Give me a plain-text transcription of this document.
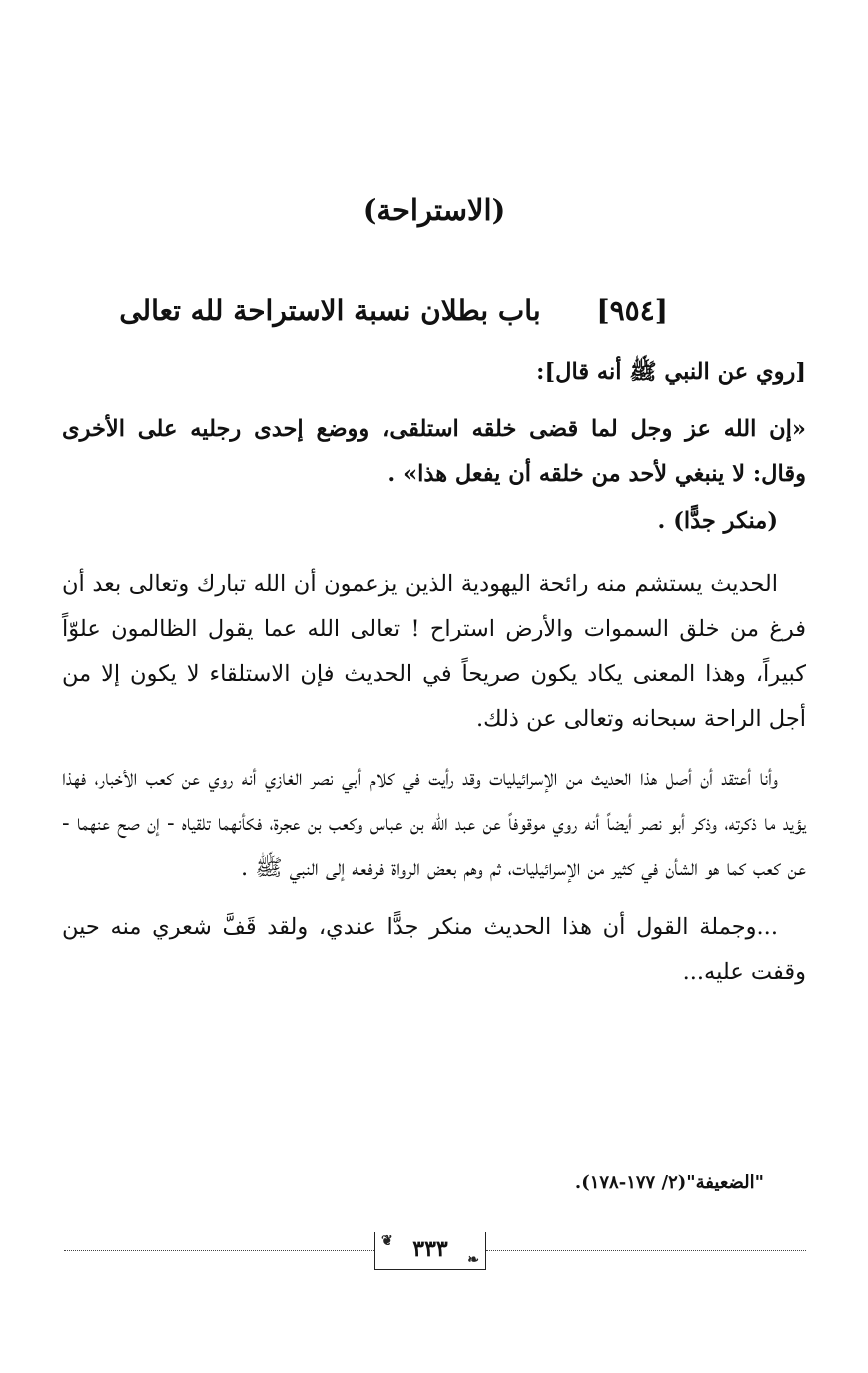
(الاستراحة)
[٩٥٤] باب بطلان نسبة الاستراحة لله تعالى

[روي عن النبي ﷺ أنه قال]:

«إن الله عز وجل لما قضى خلقه استلقى، ووضع إحدى رجليه على الأخرى وقال: لا ينبغي لأحد من خلقه أن يفعل هذا» .

(منكر جدًّا) .

الحديث يستشم منه رائحة اليهودية الذين يزعمون أن الله تبارك وتعالى بعد أن فرغ من خلق السموات والأرض استراح ! تعالى الله عما يقول الظالمون علوّاً كبيراً، وهذا المعنى يكاد يكون صريحاً في الحديث فإن الاستلقاء لا يكون إلا من أجل الراحة سبحانه وتعالى عن ذلك.

وأنا أعتقد أن أصل هذا الحديث من الإسرائيليات وقد رأيت في كلام أبي نصر الغازي أنه روي عن كعب الأخبار، فهذا يؤيد ما ذكرته، وذكر أبو نصر أيضاً أنه روي موقوفاً عن عبد الله بن عباس وكعب بن عجرة، فكأنهما تلقياه - إن صح عنهما - عن كعب كما هو الشأن في كثير من الإسرائيليات، ثم وهم بعض الرواة فرفعه إلى النبي ﷺ .

...وجملة القول أن هذا الحديث منكر جدًّا عندي، ولقد قَفَّ شعري منه حين وقفت عليه...

"الضعيفة"(٢/ ١٧٧-١٧٨).
❦ ٣٣٣ ❧
